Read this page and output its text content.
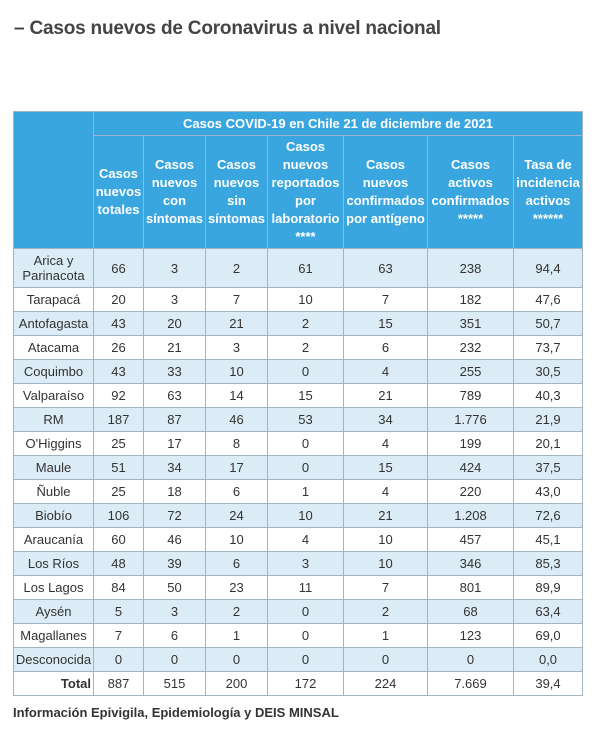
– Casos nuevos de Coronavirus a nivel nacional
	Casos COVID-19 en Chile 21 de diciembre de 2021						
	Casos nuevos totales	Casos nuevos con síntomas	Casos nuevos sin síntomas	Casos nuevos reportados por laboratorio ****	Casos nuevos confirmados por antígeno	Casos activos confirmados *****	Tasa de incidencia activos ******
Arica y Parinacota	66	3	2	61	63	238	94,4
Tarapacá	20	3	7	10	7	182	47,6
Antofagasta	43	20	21	2	15	351	50,7
Atacama	26	21	3	2	6	232	73,7
Coquimbo	43	33	10	0	4	255	30,5
Valparaíso	92	63	14	15	21	789	40,3
RM	187	87	46	53	34	1.776	21,9
O'Higgins	25	17	8	0	4	199	20,1
Maule	51	34	17	0	15	424	37,5
Ñuble	25	18	6	1	4	220	43,0
Biobío	106	72	24	10	21	1.208	72,6
Araucanía	60	46	10	4	10	457	45,1
Los Ríos	48	39	6	3	10	346	85,3
Los Lagos	84	50	23	11	7	801	89,9
Aysén	5	3	2	0	2	68	63,4
Magallanes	7	6	1	0	1	123	69,0
Desconocida	0	0	0	0	0	0	0,0
Total	887	515	200	172	224	7.669	39,4
Información Epivigila, Epidemiología y DEIS MINSAL
